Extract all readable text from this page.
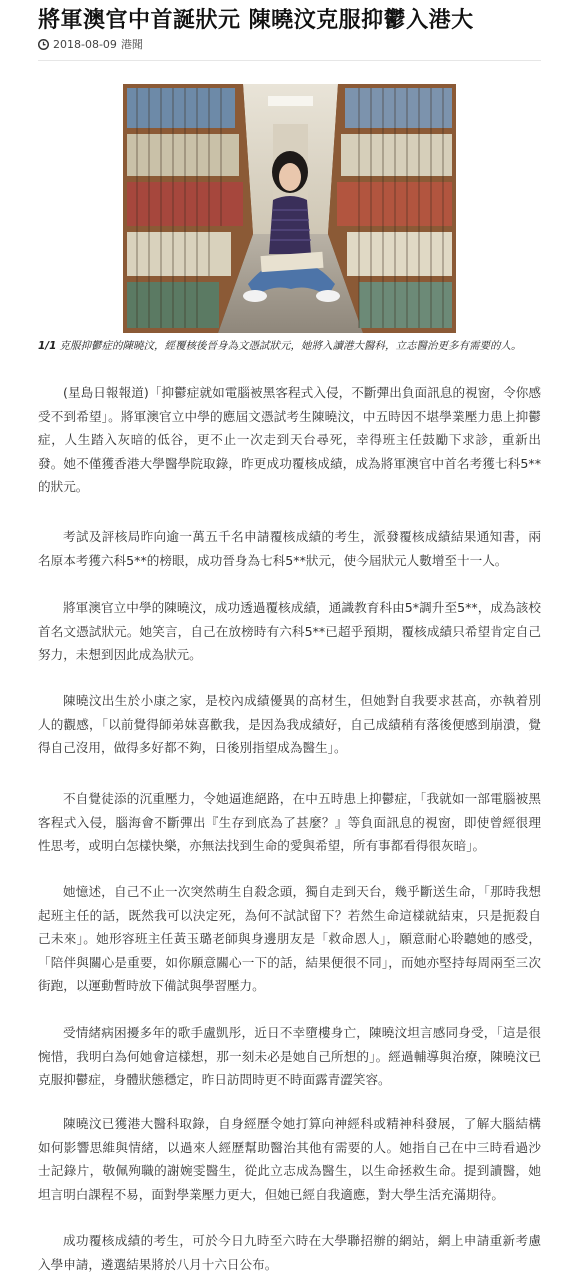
將軍澳官中首誕狀元 陳曉汶克服抑鬱入港大
2018-08-09 港聞

1/1 克服抑鬱症的陳曉汶，經覆核後晉身為文憑試狀元，她將入讀港大醫科，立志醫治更多有需要的人。

(星島日報報道)「抑鬱症就如電腦被黑客程式入侵，不斷彈出負面訊息的視窗，令你感受不到希望」。將軍澳官立中學的應屆文憑試考生陳曉汶，中五時因不堪學業壓力患上抑鬱症，人生踏入灰暗的低谷，更不止一次走到天台尋死，幸得班主任鼓勵下求診，重新出發。她不僅獲香港大學醫學院取錄，昨更成功覆核成績，成為將軍澳官中首名考獲七科5**的狀元。

考試及評核局昨向逾一萬五千名申請覆核成績的考生，派發覆核成績結果通知書，兩名原本考獲六科5**的榜眼，成功晉身為七科5**狀元，使今屆狀元人數增至十一人。

將軍澳官立中學的陳曉汶，成功透過覆核成績，通識教育科由5*調升至5**，成為該校首名文憑試狀元。她笑言，自己在放榜時有六科5**已超乎預期，覆核成績只希望肯定自己努力，未想到因此成為狀元。

陳曉汶出生於小康之家，是校內成績優異的高材生，但她對自我要求甚高，亦執着別人的觀感，「以前覺得師弟妹喜歡我，是因為我成績好，自己成績稍有落後便感到崩潰，覺得自己沒用，做得多好都不夠，日後別指望成為醫生」。

不自覺徒添的沉重壓力，令她逼進絕路，在中五時患上抑鬱症，「我就如一部電腦被黑客程式入侵，腦海會不斷彈出『生存到底為了甚麼？』等負面訊息的視窗，即使曾經很理性思考，或明白怎樣快樂，亦無法找到生命的愛與希望，所有事都看得很灰暗」。

她憶述，自己不止一次突然萌生自殺念頭，獨自走到天台，幾乎斷送生命，「那時我想起班主任的話，既然我可以決定死，為何不試試留下？若然生命這樣就結束，只是扼殺自己未來」。她形容班主任黃玉璐老師與身邊朋友是「救命恩人」，願意耐心聆聽她的感受，「陪伴與關心是重要，如你願意關心一下的話，結果便很不同」，而她亦堅持每周兩至三次街跑，以運動暫時放下備試與學習壓力。

受情緒病困擾多年的歌手盧凱彤，近日不幸墮樓身亡，陳曉汶坦言感同身受，「這是很惋惜，我明白為何她會這樣想，那一刻未必是她自己所想的」。經過輔導與治療，陳曉汶已克服抑鬱症，身體狀態穩定，昨日訪問時更不時面露青澀笑容。

陳曉汶已獲港大醫科取錄，自身經歷令她打算向神經科或精神科發展，了解大腦結構如何影響思維與情緒，以過來人經歷幫助醫治其他有需要的人。她指自己在中三時看過沙士記錄片，敬佩殉職的謝婉雯醫生，從此立志成為醫生，以生命拯救生命。提到讀醫，她坦言明白課程不易，面對學業壓力更大，但她已經自我適應，對大學生活充滿期待。

成功覆核成績的考生，可於今日九時至六時在大學聯招辦的網站，網上申請重新考慮入學申請，遴選結果將於八月十六日公布。
